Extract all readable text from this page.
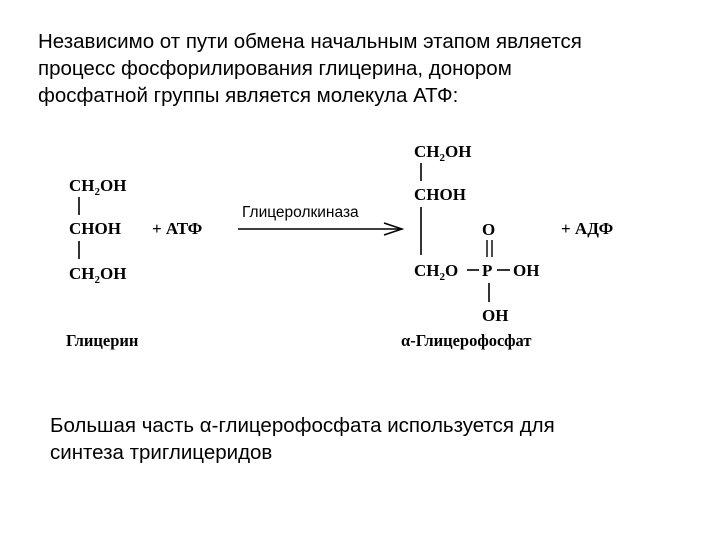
Независимо от пути обмена начальным этапом является
процесс фосфорилирования глицерина, донором
фосфатной группы является молекула АТФ:
$CH_2OH$
CHOH
$CH_2OH$
Глицерин
+ АТФ
Глицеролкиназа
$CH_2OH$
CHOH
$CH_2O$ P OH
O
OH
α-Глицерофосфат
+ АДФ
Большая часть α-глицерофосфата используется для
синтеза триглицеридов
